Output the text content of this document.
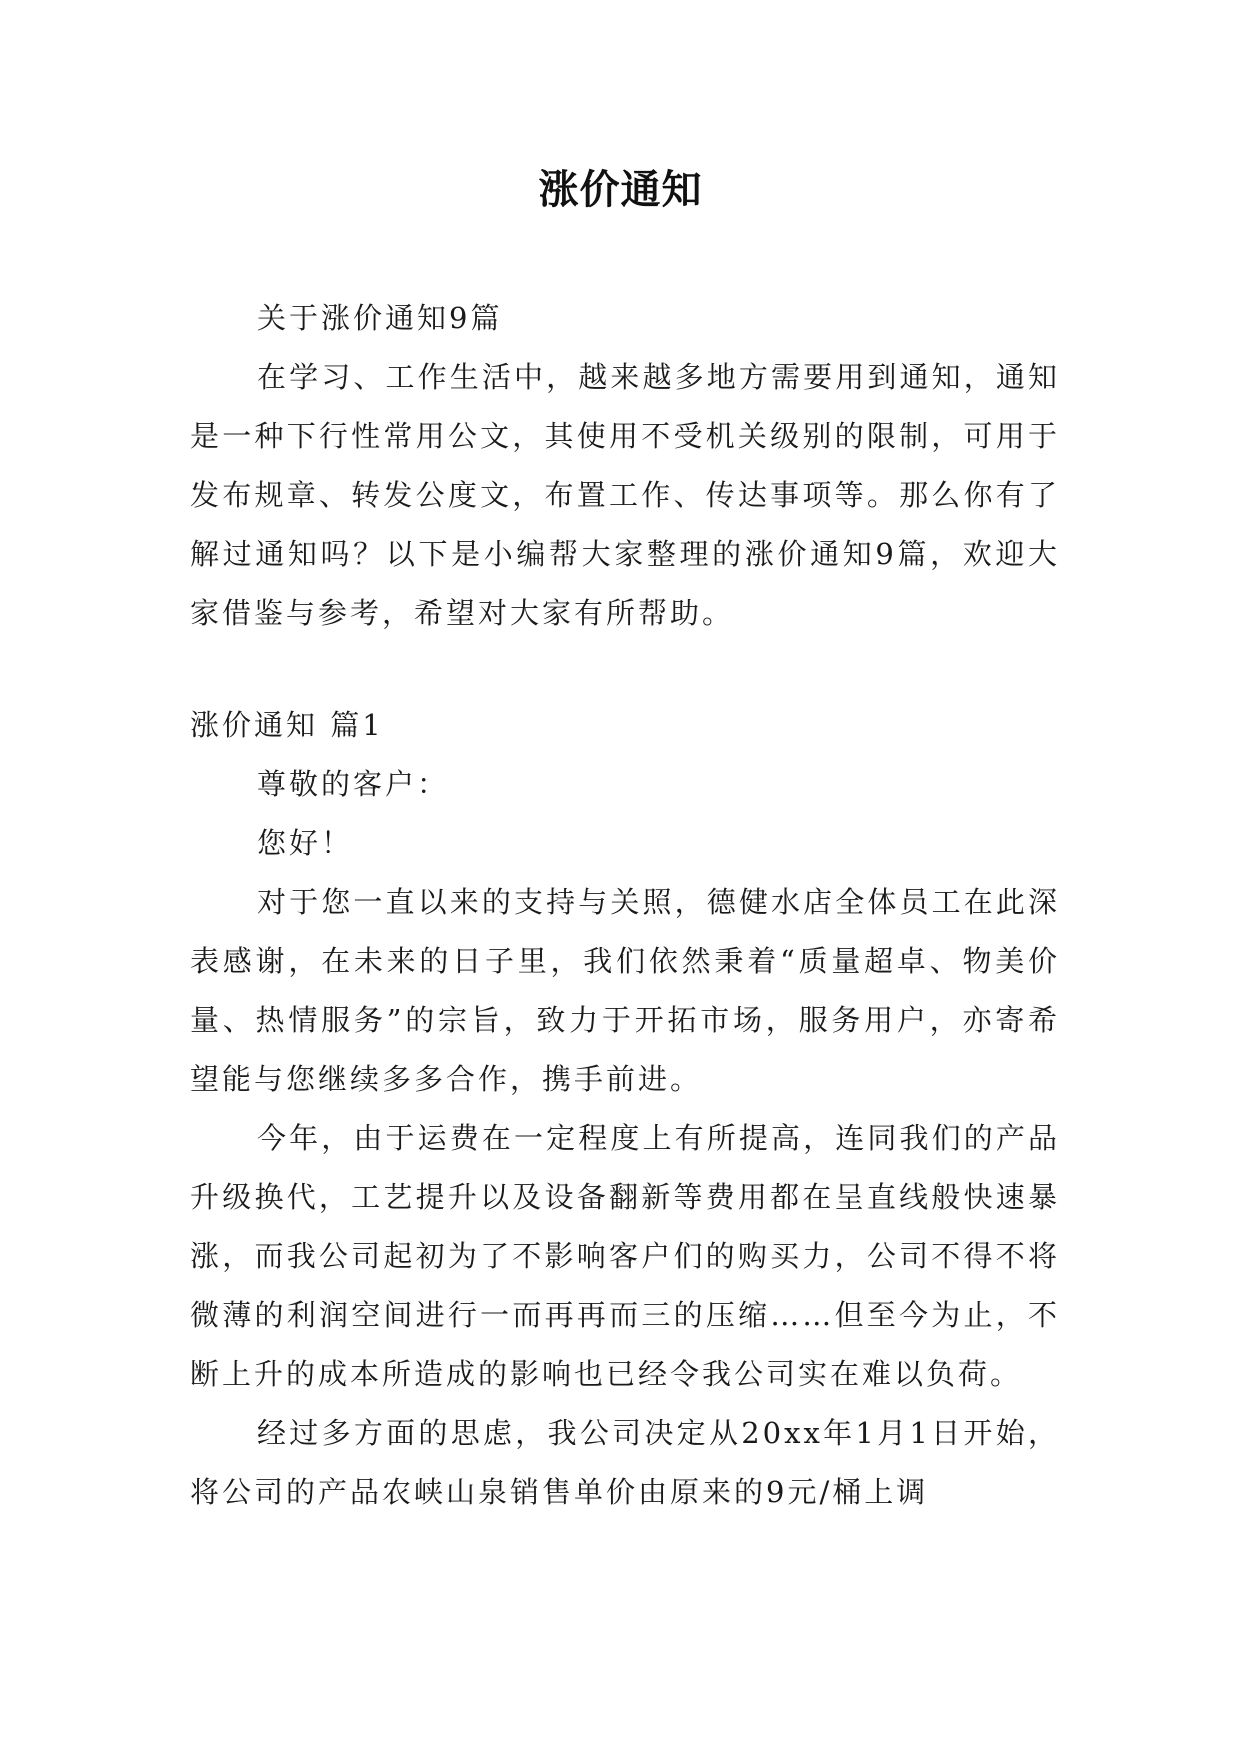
涨价通知

关于涨价通知9篇

在学习、工作生活中，越来越多地方需要用到通知，通知是一种下行性常用公文，其使用不受机关级别的限制，可用于发布规章、转发公度文，布置工作、传达事项等。那么你有了解过通知吗？以下是小编帮大家整理的涨价通知9篇，欢迎大家借鉴与参考，希望对大家有所帮助。

涨价通知 篇1

尊敬的客户：

您好！

对于您一直以来的支持与关照，德健水店全体员工在此深表感谢，在未来的日子里，我们依然秉着“质量超卓、物美价量、热情服务”的宗旨，致力于开拓市场，服务用户，亦寄希望能与您继续多多合作，携手前进。

今年，由于运费在一定程度上有所提高，连同我们的产品升级换代，工艺提升以及设备翻新等费用都在呈直线般快速暴涨，而我公司起初为了不影响客户们的购买力，公司不得不将微薄的利润空间进行一而再再而三的压缩……但至今为止，不断上升的成本所造成的影响也已经令我公司实在难以负荷。

经过多方面的思虑，我公司决定从20xx年1月1日开始，将公司的产品农峡山泉销售单价由原来的9元/桶上调
